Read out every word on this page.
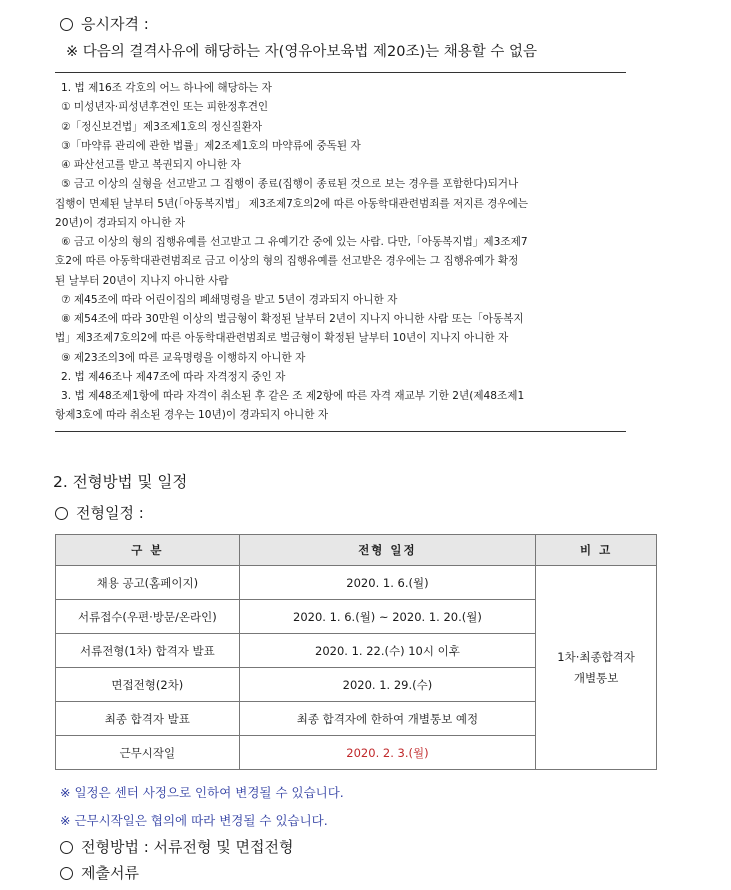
응시자격 :
※ 다음의 결격사유에 해당하는 자(영유아보육법 제20조)는 채용할 수 없음
1. 법 제16조 각호의 어느 하나에 해당하는 자
① 미성년자·피성년후견인 또는 피한정후견인
②「정신보건법」제3조제1호의 정신질환자
③「마약류 관리에 관한 법률」제2조제1호의 마약류에 중독된 자
④ 파산선고를 받고 복권되지 아니한 자
⑤ 금고 이상의 실형을 선고받고 그 집행이 종료(집행이 종료된 것으로 보는 경우를 포함한다)되거나
집행이 면제된 날부터 5년(「아동복지법」 제3조제7호의2에 따른 아동학대관련범죄를 저지른 경우에는
20년)이 경과되지 아니한 자
⑥ 금고 이상의 형의 집행유예를 선고받고 그 유예기간 중에 있는 사람. 다만,「아동복지법」제3조제7
호2에 따른 아동학대관련범죄로 금고 이상의 형의 집행유예를 선고받은 경우에는 그 집행유예가 확정
된 날부터 20년이 지나지 아니한 사람
⑦ 제45조에 따라 어린이집의 폐쇄명령을 받고 5년이 경과되지 아니한 자
⑧ 제54조에 따라 30만원 이상의 벌금형이 확정된 날부터 2년이 지나지 아니한 사람 또는「아동복지
법」제3조제7호의2에 따른 아동학대관련범죄로 벌금형이 확정된 날부터 10년이 지나지 아니한 자
⑨ 제23조의3에 따른 교육명령을 이행하지 아니한 자
2. 법 제46조나 제47조에 따라 자격정지 중인 자
3. 법 제48조제1항에 따라 자격이 취소된 후 같은 조 제2항에 따른 자격 재교부 기한 2년(제48조제1
항제3호에 따라 취소된 경우는 10년)이 경과되지 아니한 자
2. 전형방법 및 일정
전형일정 :
구 분	전형 일정	비 고
채용 공고(홈페이지)	2020. 1. 6.(월)	1차·최종합격자
개별통보
서류접수(우편·방문/온라인)	2020. 1. 6.(월) ~ 2020. 1. 20.(월)	
서류전형(1차) 합격자 발표	2020. 1. 22.(수) 10시 이후	
면접전형(2차)	2020. 1. 29.(수)	
최종 합격자 발표	최종 합격자에 한하여 개별통보 예정	
근무시작일	2020. 2. 3.(월)	
※ 일정은 센터 사정으로 인하여 변경될 수 있습니다.
※ 근무시작일은 협의에 따라 변경될 수 있습니다.
전형방법 : 서류전형 및 면접전형
제출서류
